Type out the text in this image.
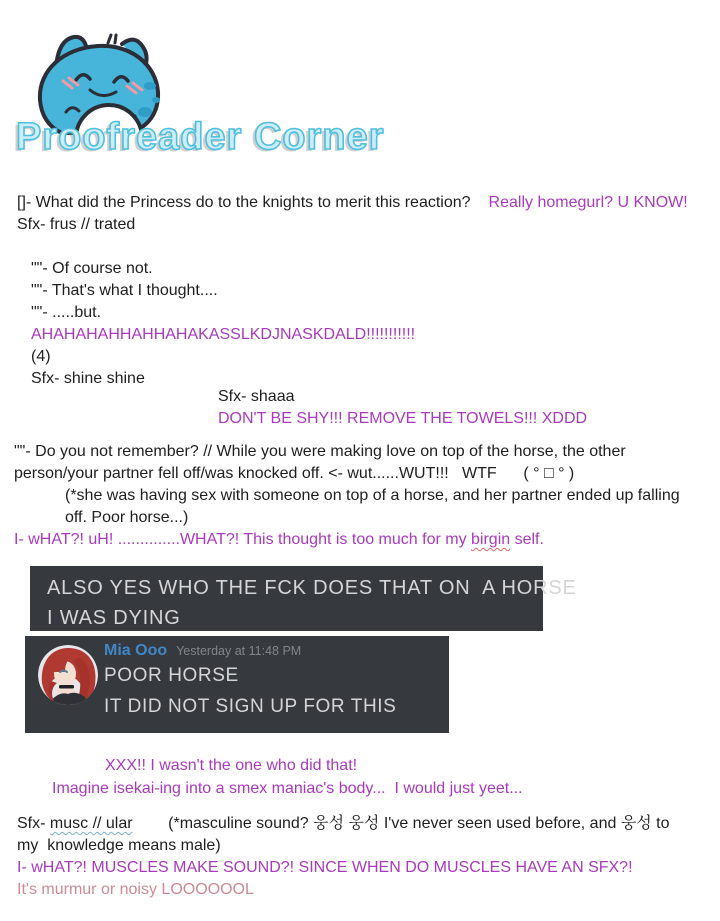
Proofreader Corner
[]- What did the Princess do to the knights to merit this reaction? Really homegurl? U KNOW!
Sfx- frus // trated
""- Of course not.
""- That's what I thought....
""- .....but.
AHAHAHAHHAHHAHAKASSLKDJNASKDALD!!!!!!!!!!!
(4)
Sfx- shine shine
Sfx- shaaa
DON'T BE SHY!!! REMOVE THE TOWELS!!! XDDD
""- Do you not remember? // While you were making love on top of the horse, the other
person/your partner fell off/was knocked off. <- wut......WUT!!!   WTF      ( ° □ ° )
(*she was having sex with someone on top of a horse, and her partner ended up falling
off. Poor horse...)
I- wHAT?! uH! ..............WHAT?! This thought is too much for my birgin self.
ALSO YES WHO THE FCK DOES THAT ON  A HORSE
I WAS DYING
Mia Ooo Yesterday at 11:48 PM
POOR HORSE
IT DID NOT SIGN UP FOR THIS
XXX!! I wasn't the one who did that!
Imagine isekai-ing into a smex maniac's body...  I would just yeet...
Sfx- musc // ular        (*masculine sound? 웅성 웅성 I've never seen used before, and 웅성 to
my  knowledge means male)
I- wHAT?! MUSCLES MAKE SOUND?! SINCE WHEN DO MUSCLES HAVE AN SFX?!
It's murmur or noisy LOOOOOOL
